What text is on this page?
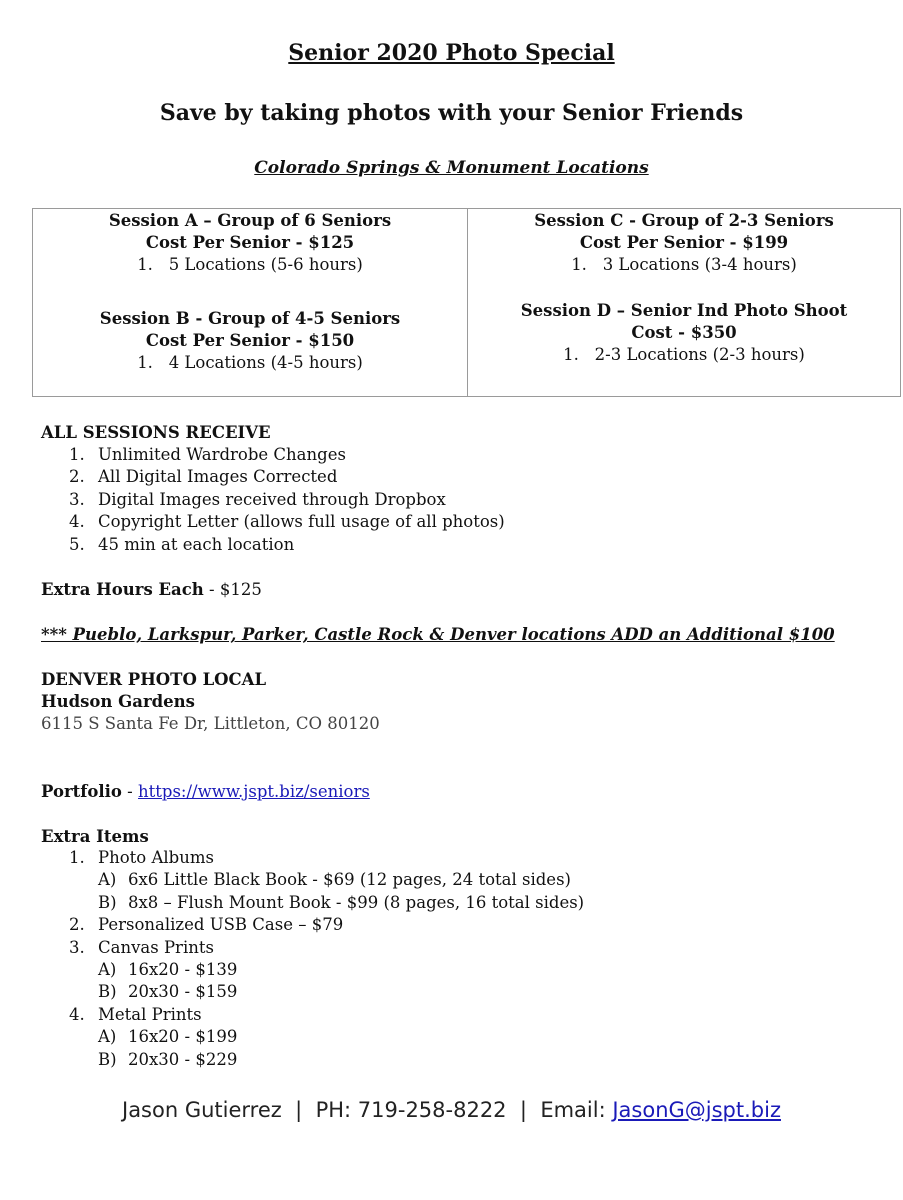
Senior 2020 Photo Special
Save by taking photos with your Senior Friends
Colorado Springs & Monument Locations
Session A – Group of 6 Seniors
Cost Per Senior - $125
1. 5 Locations (5-6 hours)
Session B - Group of 4-5 Seniors
Cost Per Senior - $150
1. 4 Locations (4-5 hours)
Session C - Group of 2-3 Seniors
Cost Per Senior - $199
1. 3 Locations (3-4 hours)
Session D – Senior Ind Photo Shoot
Cost - $350
1. 2-3 Locations (2-3 hours)
ALL SESSIONS RECEIVE
1. Unlimited Wardrobe Changes
2. All Digital Images Corrected
3. Digital Images received through Dropbox
4. Copyright Letter (allows full usage of all photos)
5. 45 min at each location
Extra Hours Each - $125
*** Pueblo, Larkspur, Parker, Castle Rock & Denver locations ADD an Additional $100
DENVER PHOTO LOCAL
Hudson Gardens
6115 S Santa Fe Dr, Littleton, CO 80120
Portfolio - https://www.jspt.biz/seniors
Extra Items
1. Photo Albums
A) 6x6 Little Black Book - $69 (12 pages, 24 total sides)
B) 8x8 – Flush Mount Book - $99 (8 pages, 16 total sides)
2. Personalized USB Case – $79
3. Canvas Prints
A) 16x20 - $139
B) 20x30 - $159
4. Metal Prints
A) 16x20 - $199
B) 20x30 - $229
Jason Gutierrez  |  PH: 719-258-8222  |  Email: JasonG@jspt.biz
